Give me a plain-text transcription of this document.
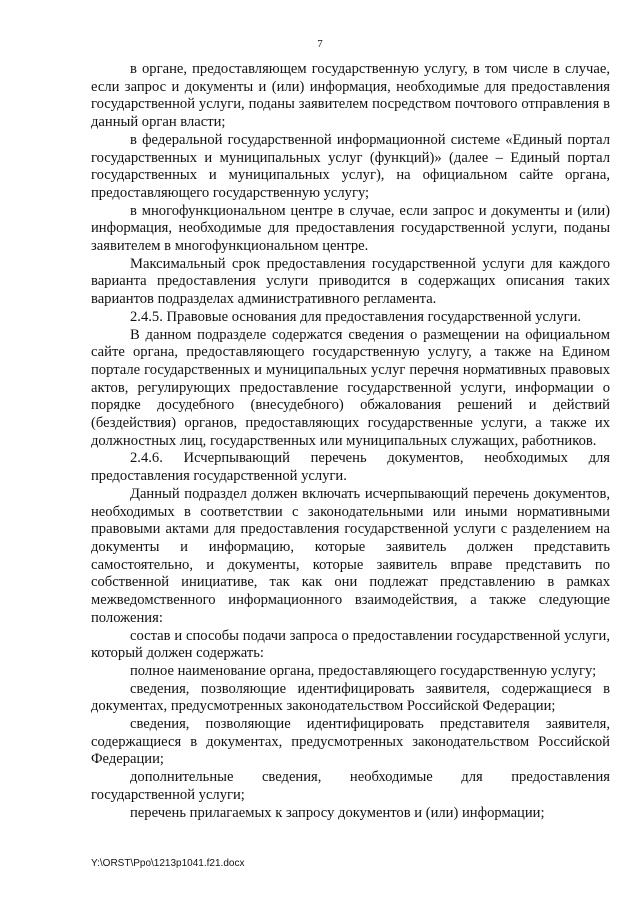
7

в органе, предоставляющем государственную услугу, в том числе в случае, если запрос и документы и (или) информация, необходимые для предоставления государственной услуги, поданы заявителем посредством почтового отправления в данный орган власти;

в федеральной государственной информационной системе «Единый портал государственных и муниципальных услуг (функций)» (далее – Единый портал государственных и муниципальных услуг), на официальном сайте органа, предоставляющего государственную услугу;

в многофункциональном центре в случае, если запрос и документы и (или) информация, необходимые для предоставления государственной услуги, поданы заявителем в многофункциональном центре.

Максимальный срок предоставления государственной услуги для каждого варианта предоставления услуги приводится в содержащих описания таких вариантов подразделах административного регламента.

2.4.5. Правовые основания для предоставления государственной услуги.

В данном подразделе содержатся сведения о размещении на официальном сайте органа, предоставляющего государственную услугу, а также на Едином портале государственных и муниципальных услуг перечня нормативных правовых актов, регулирующих предоставление государственной услуги, информации о порядке досудебного (внесудебного) обжалования решений и действий (бездействия) органов, предоставляющих государственные услуги, а также их должностных лиц, государственных или муниципальных служащих, работников.

2.4.6. Исчерпывающий перечень документов, необходимых для предоставления государственной услуги.

Данный подраздел должен включать исчерпывающий перечень документов, необходимых в соответствии с законодательными или иными нормативными правовыми актами для предоставления государственной услуги с разделением на документы и информацию, которые заявитель должен представить самостоятельно, и документы, которые заявитель вправе представить по собственной инициативе, так как они подлежат представлению в рамках межведомственного информационного взаимодействия, а также следующие положения:

состав и способы подачи запроса о предоставлении государственной услуги, который должен содержать:

полное наименование органа, предоставляющего государственную услугу;

сведения, позволяющие идентифицировать заявителя, содержащиеся в документах, предусмотренных законодательством Российской Федерации;

сведения, позволяющие идентифицировать представителя заявителя, содержащиеся в документах, предусмотренных законодательством Российской Федерации;

дополнительные сведения, необходимые для предоставления государственной услуги;

перечень прилагаемых к запросу документов и (или) информации;

Y:\ORST\Ppo\1213p1041.f21.docx
